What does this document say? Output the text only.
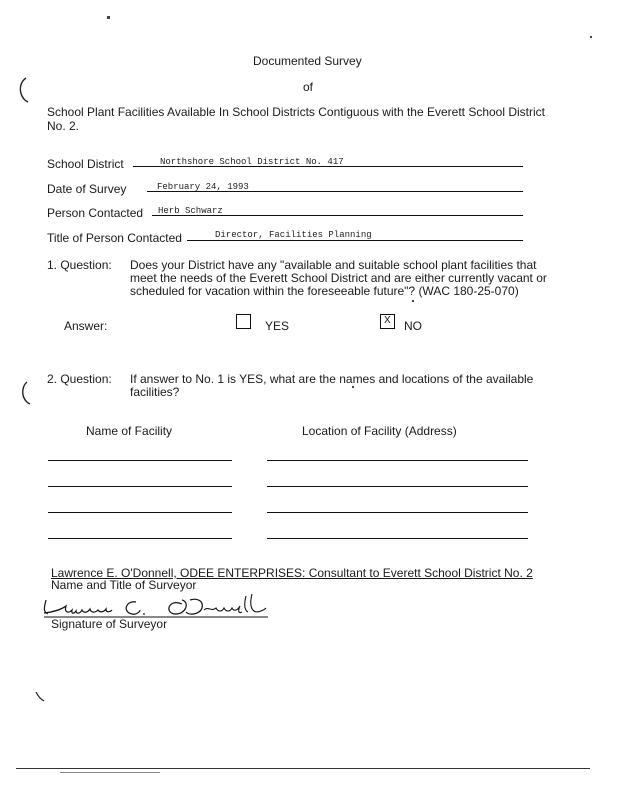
Documented Survey
of
School Plant Facilities Available In School Districts Contiguous with the Everett School District
No. 2.
School District	Northshore School District No. 417
Date of Survey	February 24, 1993
Person Contacted Herb Schwarz
Title of Person Contacted	Director, Facilities Planning
1. Question: Does your District have any "available and suitable school plant facilities that
meet the needs of the Everett School District and are either currently vacant or
scheduled for vacation within the foreseeable future"? (WAC 180-25-070)
Answer:	YES	X NO
2. Question: If answer to No. 1 is YES, what are the names and locations of the available
facilities?
Name of Facility	Location of Facility (Address)
Lawrence E. O'Donnell, ODEE ENTERPRISES: Consultant to Everett School District No. 2
Name and Title of Surveyor
Signature of Surveyor
